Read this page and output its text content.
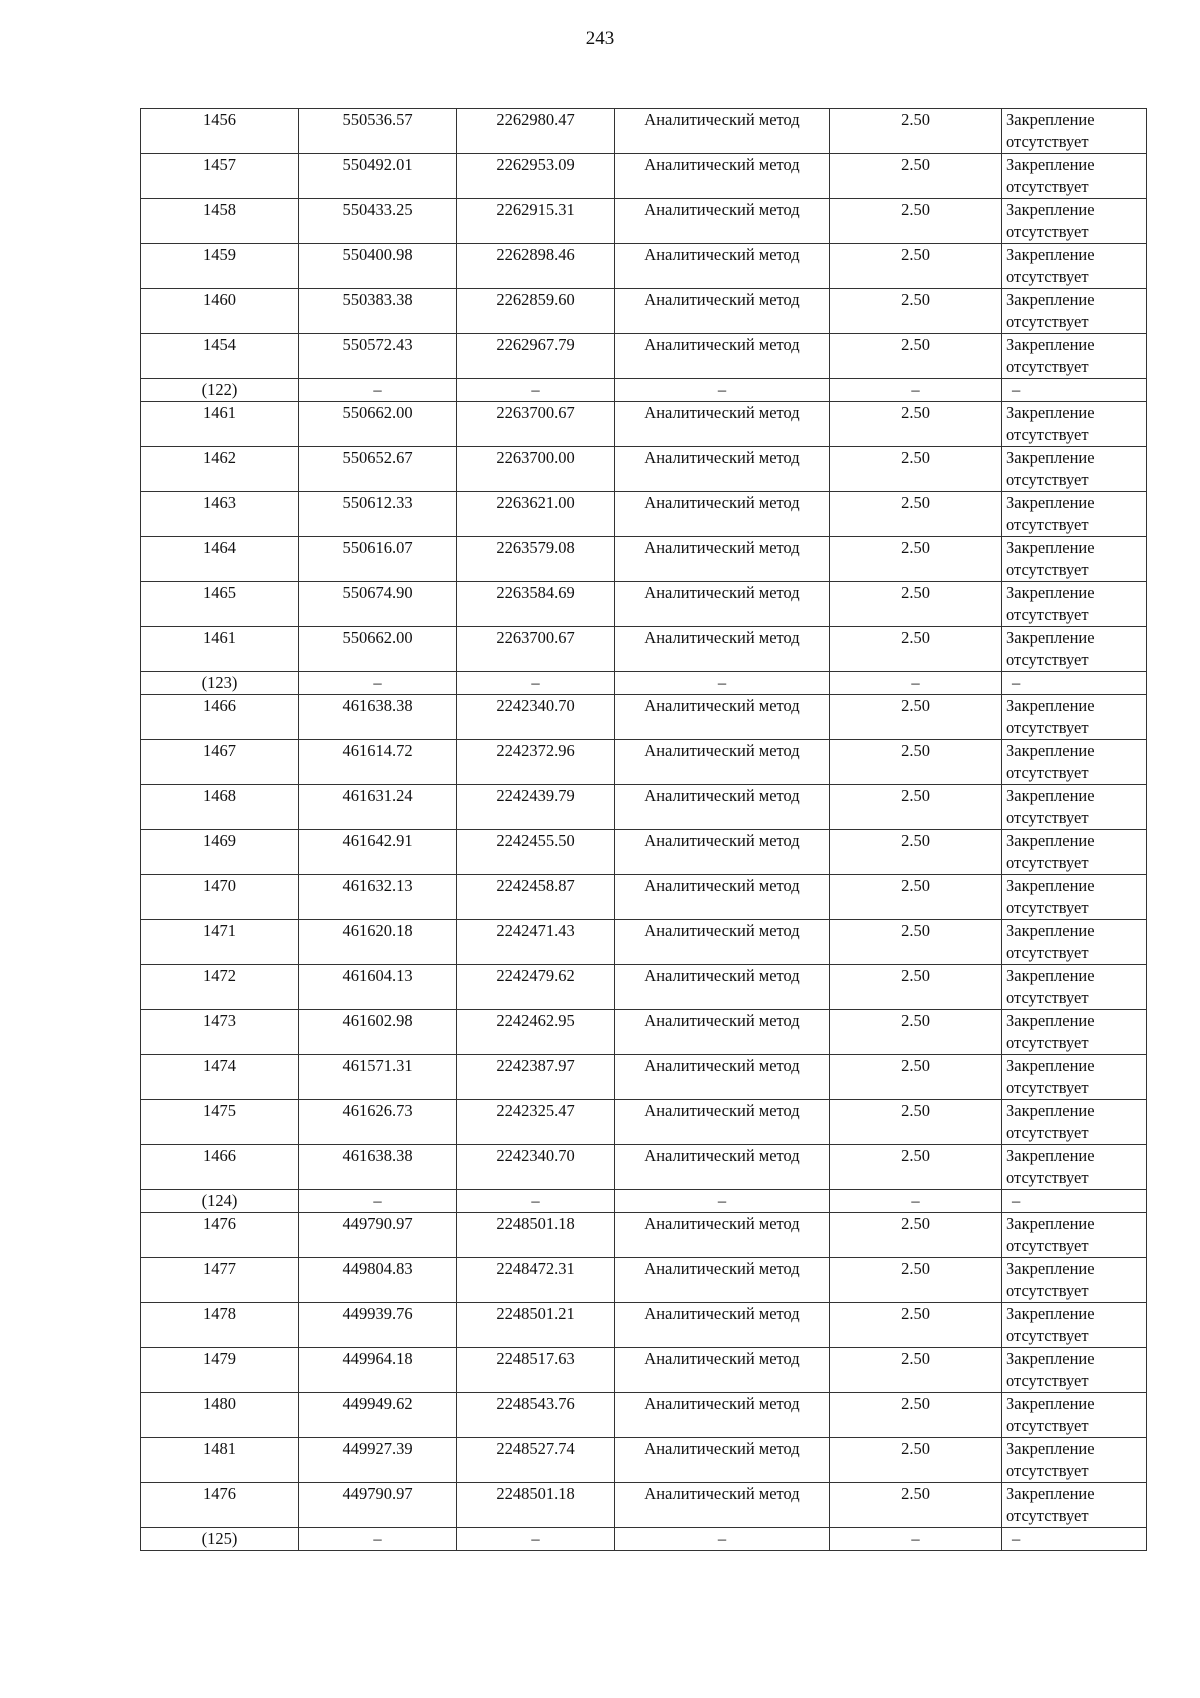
243
1456	550536.57	2262980.47	Аналитический метод	2.50	Закрепление отсутствует
1457	550492.01	2262953.09	Аналитический метод	2.50	Закрепление отсутствует
1458	550433.25	2262915.31	Аналитический метод	2.50	Закрепление отсутствует
1459	550400.98	2262898.46	Аналитический метод	2.50	Закрепление отсутствует
1460	550383.38	2262859.60	Аналитический метод	2.50	Закрепление отсутствует
1454	550572.43	2262967.79	Аналитический метод	2.50	Закрепление отсутствует
(122)	–	–	–	–	–
1461	550662.00	2263700.67	Аналитический метод	2.50	Закрепление отсутствует
1462	550652.67	2263700.00	Аналитический метод	2.50	Закрепление отсутствует
1463	550612.33	2263621.00	Аналитический метод	2.50	Закрепление отсутствует
1464	550616.07	2263579.08	Аналитический метод	2.50	Закрепление отсутствует
1465	550674.90	2263584.69	Аналитический метод	2.50	Закрепление отсутствует
1461	550662.00	2263700.67	Аналитический метод	2.50	Закрепление отсутствует
(123)	–	–	–	–	–
1466	461638.38	2242340.70	Аналитический метод	2.50	Закрепление отсутствует
1467	461614.72	2242372.96	Аналитический метод	2.50	Закрепление отсутствует
1468	461631.24	2242439.79	Аналитический метод	2.50	Закрепление отсутствует
1469	461642.91	2242455.50	Аналитический метод	2.50	Закрепление отсутствует
1470	461632.13	2242458.87	Аналитический метод	2.50	Закрепление отсутствует
1471	461620.18	2242471.43	Аналитический метод	2.50	Закрепление отсутствует
1472	461604.13	2242479.62	Аналитический метод	2.50	Закрепление отсутствует
1473	461602.98	2242462.95	Аналитический метод	2.50	Закрепление отсутствует
1474	461571.31	2242387.97	Аналитический метод	2.50	Закрепление отсутствует
1475	461626.73	2242325.47	Аналитический метод	2.50	Закрепление отсутствует
1466	461638.38	2242340.70	Аналитический метод	2.50	Закрепление отсутствует
(124)	–	–	–	–	–
1476	449790.97	2248501.18	Аналитический метод	2.50	Закрепление отсутствует
1477	449804.83	2248472.31	Аналитический метод	2.50	Закрепление отсутствует
1478	449939.76	2248501.21	Аналитический метод	2.50	Закрепление отсутствует
1479	449964.18	2248517.63	Аналитический метод	2.50	Закрепление отсутствует
1480	449949.62	2248543.76	Аналитический метод	2.50	Закрепление отсутствует
1481	449927.39	2248527.74	Аналитический метод	2.50	Закрепление отсутствует
1476	449790.97	2248501.18	Аналитический метод	2.50	Закрепление отсутствует
(125)	–	–	–	–	–
